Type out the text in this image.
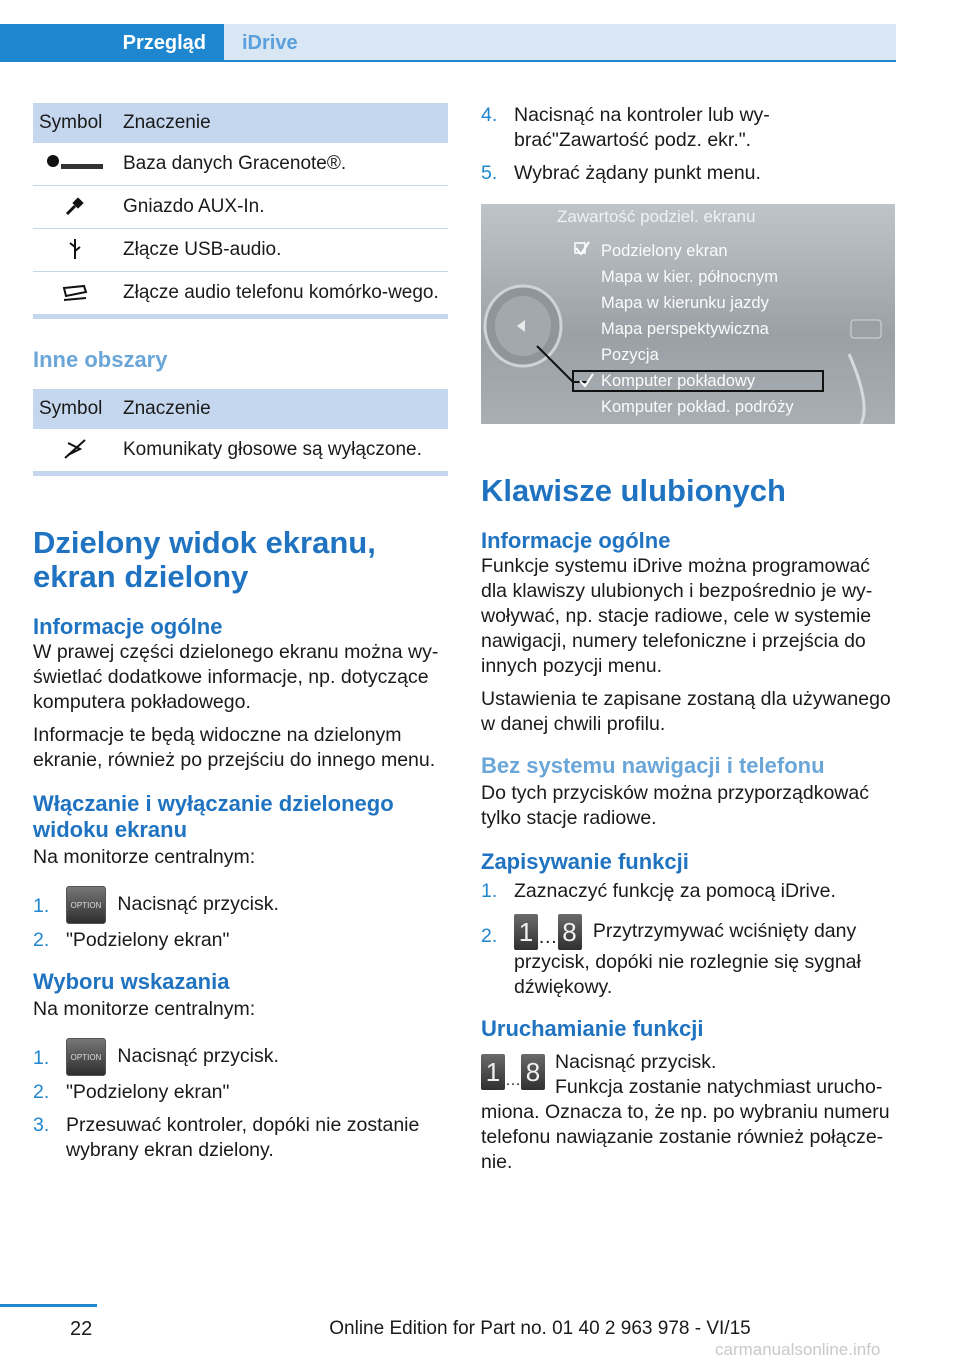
Przegląd	iDrive
Symbol	Znaczenie

	Baza danych Gracenote®.

	Gniazdo AUX-In.

	Złącze USB-audio.

	Złącze audio telefonu komórko-wego.
Inne obszary
Symbol	Znaczenie

	Komunikaty głosowe są wyłączone.
Dzielony widok ekranu, ekran dzielony
Informacje ogólne

W prawej części dzielonego ekranu można wy-świetlać dodatkowe informacje, np. dotyczące komputera pokładowego.

Informacje te będą widoczne na dzielonym ekranie, również po przejściu do innego menu.

Włączanie i wyłączanie dzielonego widoku ekranu

Na monitorze centralnym:

1.	OPTION Nacisnąć przycisk.
2. "Podzielony ekran"
Wyboru wskazania

Na monitorze centralnym:

1.	OPTION Nacisnąć przycisk.
2. "Podzielony ekran"
3. Przesuwać kontroler, dopóki nie zostanie wybrany ekran dzielony.
4. Nacisnąć na kontroler lub wy-brać"Zawartość podz. ekr.".
5. Wybrać żądany punkt menu.
Zawartość podziel. ekranu
Podzielony ekran
Mapa w kier. północnym
Mapa w kierunku jazdy
Mapa perspektywiczna
Pozycja
Komputer pokładowy
Komputer pokład. podróży
Klawisze ulubionych
Informacje ogólne

Funkcje systemu iDrive można programować dla klawiszy ulubionych i bezpośrednio je wy-woływać, np. stacje radiowe, cele w systemie nawigacji, numery telefoniczne i przejścia do innych pozycji menu.

Ustawienia te zapisane zostaną dla używanego w danej chwili profilu.

Bez systemu nawigacji i telefonu

Do tych przycisków można przyporządkować tylko stacje radiowe.

Zapisywanie funkcji
1. Zaznaczyć funkcję za pomocą iDrive.
2. 1 … 8 Przytrzymywać wciśnięty dany przycisk, dopóki nie rozlegnie się sygnał dźwiękowy.
Uruchamianie funkcji
1 … 8 Nacisnąć przycisk.

Funkcja zostanie natychmiast urucho-miona. Oznacza to, że np. po wybraniu numeru telefonu nawiązanie zostanie również połącze-nie.

22	Online Edition for Part no. 01 40 2 963 978 - VI/15
carmanualsonline.info
